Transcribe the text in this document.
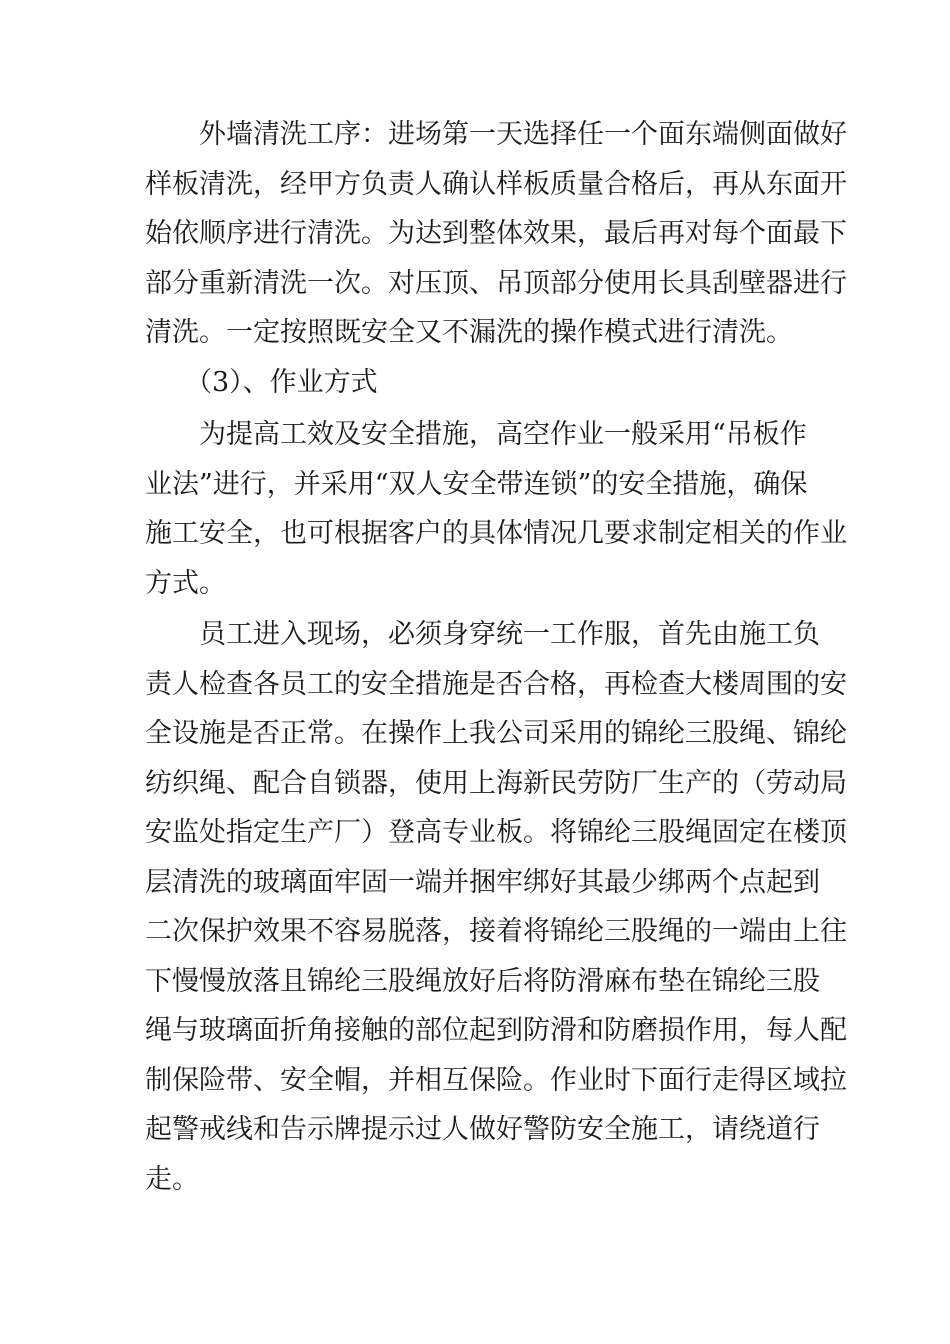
外墙清洗工序：进场第一天选择任一个面东端侧面做好
样板清洗，经甲方负责人确认样板质量合格后，再从东面开
始依顺序进行清洗。为达到整体效果，最后再对每个面最下
部分重新清洗一次。对压顶、吊顶部分使用长具刮壁器进行
清洗。一定按照既安全又不漏洗的操作模式进行清洗。
（3）、作业方式
为提高工效及安全措施，高空作业一般采用“吊板作
业法”进行，并采用“双人安全带连锁”的安全措施，确保
施工安全，也可根据客户的具体情况几要求制定相关的作业
方式。
员工进入现场，必须身穿统一工作服，首先由施工负
责人检查各员工的安全措施是否合格，再检查大楼周围的安
全设施是否正常。在操作上我公司采用的锦纶三股绳、锦纶
纺织绳、配合自锁器，使用上海新民劳防厂生产的（劳动局
安监处指定生产厂）登高专业板。将锦纶三股绳固定在楼顶
层清洗的玻璃面牢固一端并捆牢绑好其最少绑两个点起到
二次保护效果不容易脱落，接着将锦纶三股绳的一端由上往
下慢慢放落且锦纶三股绳放好后将防滑麻布垫在锦纶三股
绳与玻璃面折角接触的部位起到防滑和防磨损作用，每人配
制保险带、安全帽，并相互保险。作业时下面行走得区域拉
起警戒线和告示牌提示过人做好警防安全施工，请绕道行
走。
